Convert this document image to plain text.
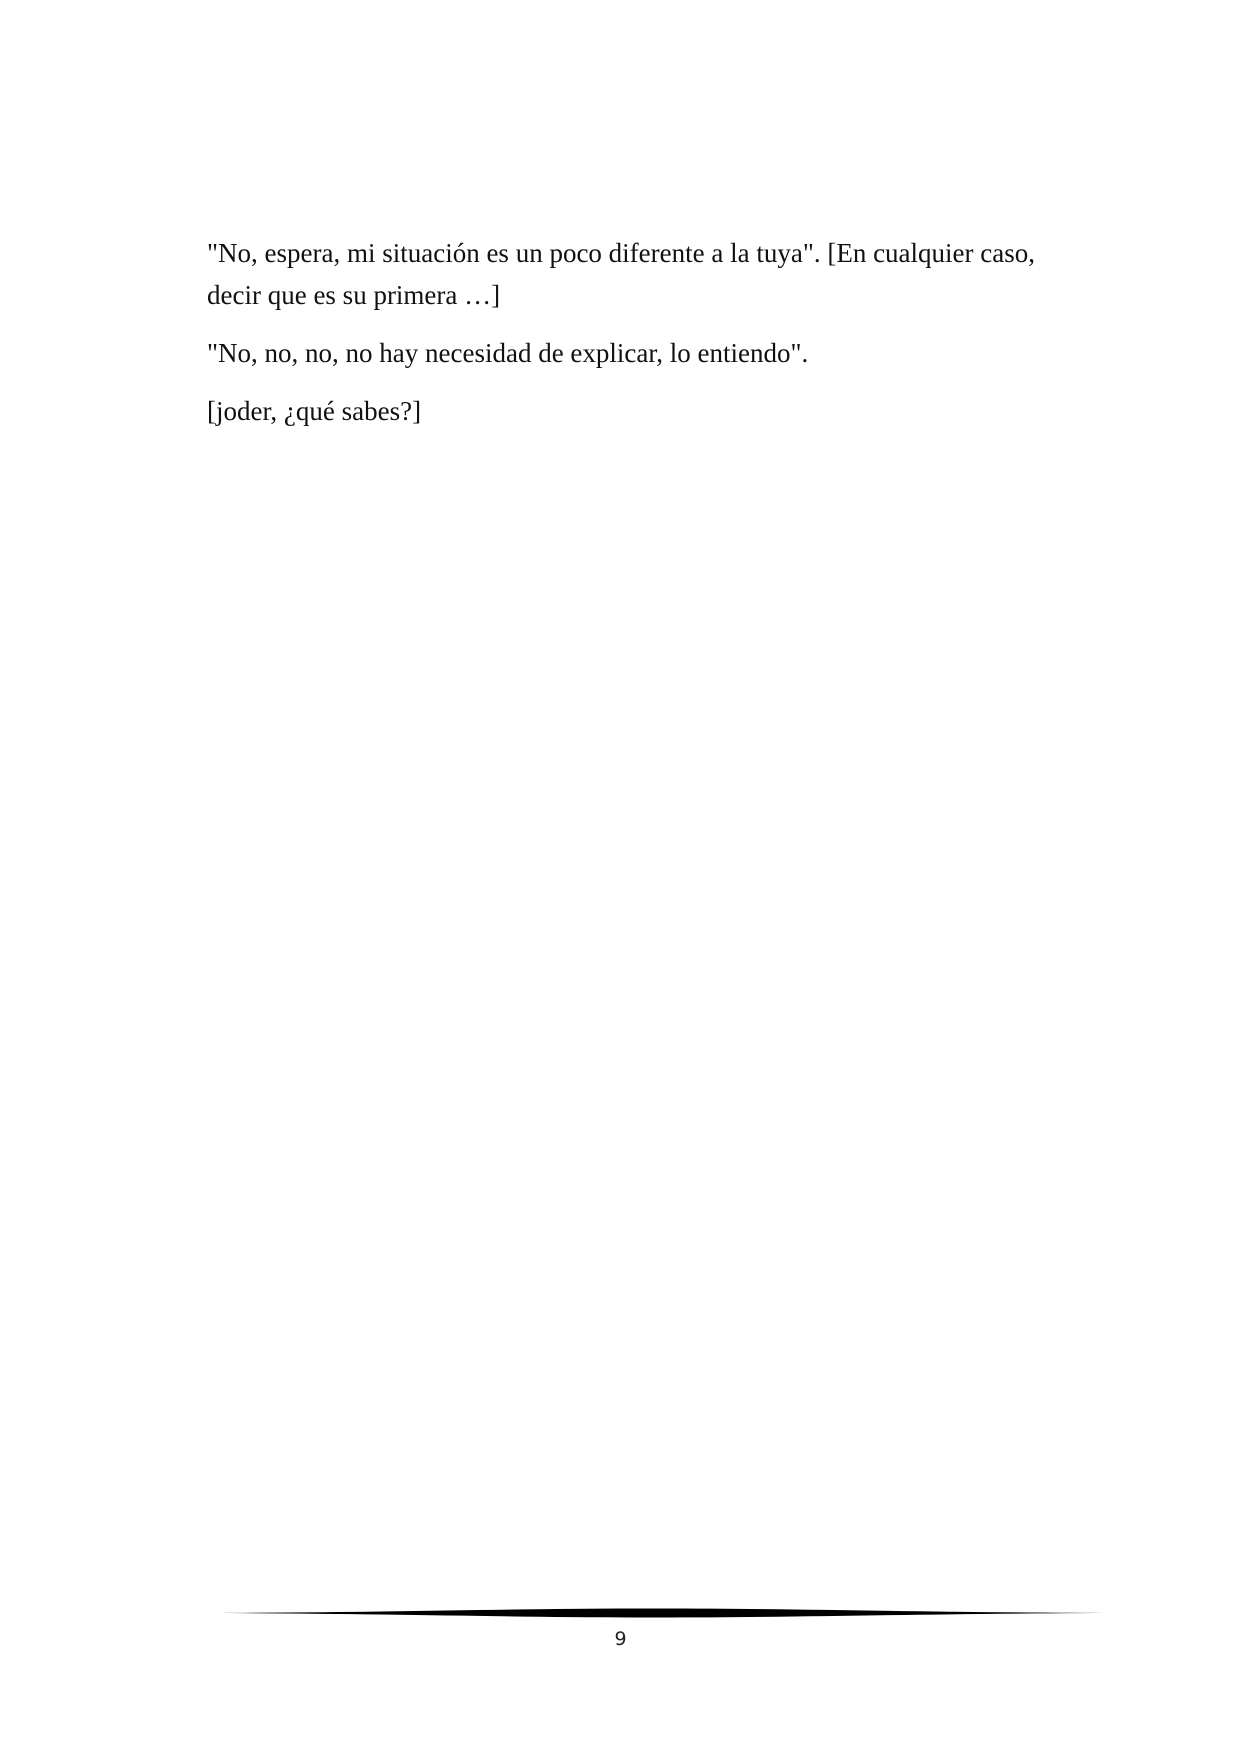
"No, espera, mi situación es un poco diferente a la tuya". [En cualquier caso, decir que es su primera …]

"No, no, no, no hay necesidad de explicar, lo entiendo".

[joder, ¿qué sabes?]

9
